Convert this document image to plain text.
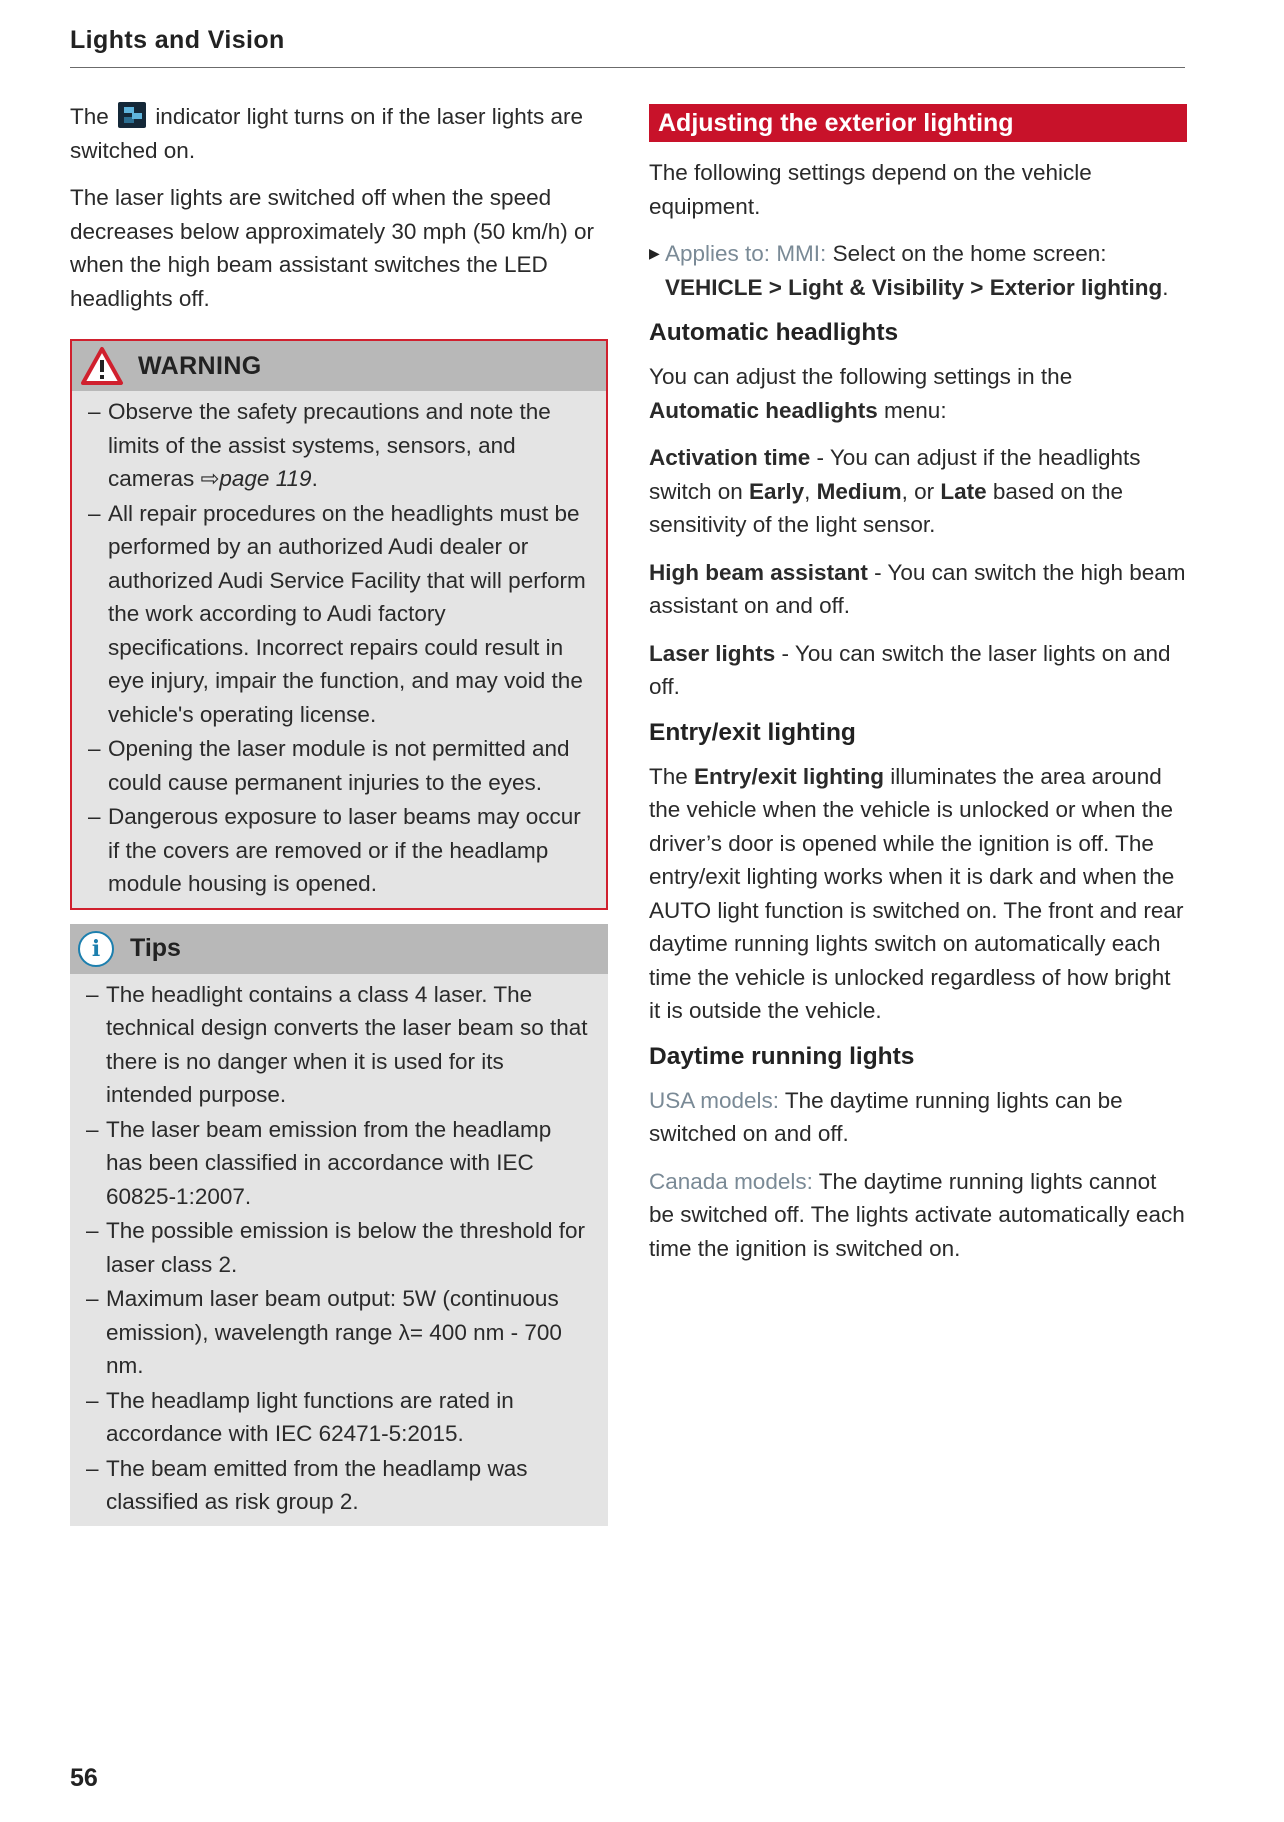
Lights and Vision

The indicator light turns on if the laser lights are switched on.

The laser lights are switched off when the speed decreases below approximately 30 mph (50 km/h) or when the high beam assistant switches the LED headlights off.

WARNING
– Observe the safety precautions and note the limits of the assist systems, sensors, and cameras ⇨page 119.
– All repair procedures on the headlights must be performed by an authorized Audi dealer or authorized Audi Service Facility that will perform the work according to Audi factory specifications. Incorrect repairs could result in eye injury, impair the function, and may void the vehicle's operating license.
– Opening the laser module is not permitted and could cause permanent injuries to the eyes.
– Dangerous exposure to laser beams may occur if the covers are removed or if the headlamp module housing is opened.
i	Tips
– The headlight contains a class 4 laser. The technical design converts the laser beam so that there is no danger when it is used for its intended purpose.
– The laser beam emission from the headlamp has been classified in accordance with IEC 60825-1:2007.
– The possible emission is below the threshold for laser class 2.
– Maximum laser beam output: 5W (continuous emission), wavelength range λ= 400 nm - 700 nm.
– The headlamp light functions are rated in accordance with IEC 62471-5:2015.
– The beam emitted from the headlamp was classified as risk group 2.
Adjusting the exterior lighting

The following settings depend on the vehicle equipment.

▶ Applies to: MMI: Select on the home screen: VEHICLE > Light & Visibility > Exterior lighting.
Automatic headlights

You can adjust the following settings in the Automatic headlights menu:

Activation time - You can adjust if the headlights switch on Early, Medium, or Late based on the sensitivity of the light sensor.

High beam assistant - You can switch the high beam assistant on and off.

Laser lights - You can switch the laser lights on and off.

Entry/exit lighting

The Entry/exit lighting illuminates the area around the vehicle when the vehicle is unlocked or when the driver’s door is opened while the ignition is off. The entry/exit lighting works when it is dark and when the AUTO light function is switched on. The front and rear daytime running lights switch on automatically each time the vehicle is unlocked regardless of how bright it is outside the vehicle.

Daytime running lights

USA models: The daytime running lights can be switched on and off.

Canada models: The daytime running lights cannot be switched off. The lights activate automatically each time the ignition is switched on.

56
